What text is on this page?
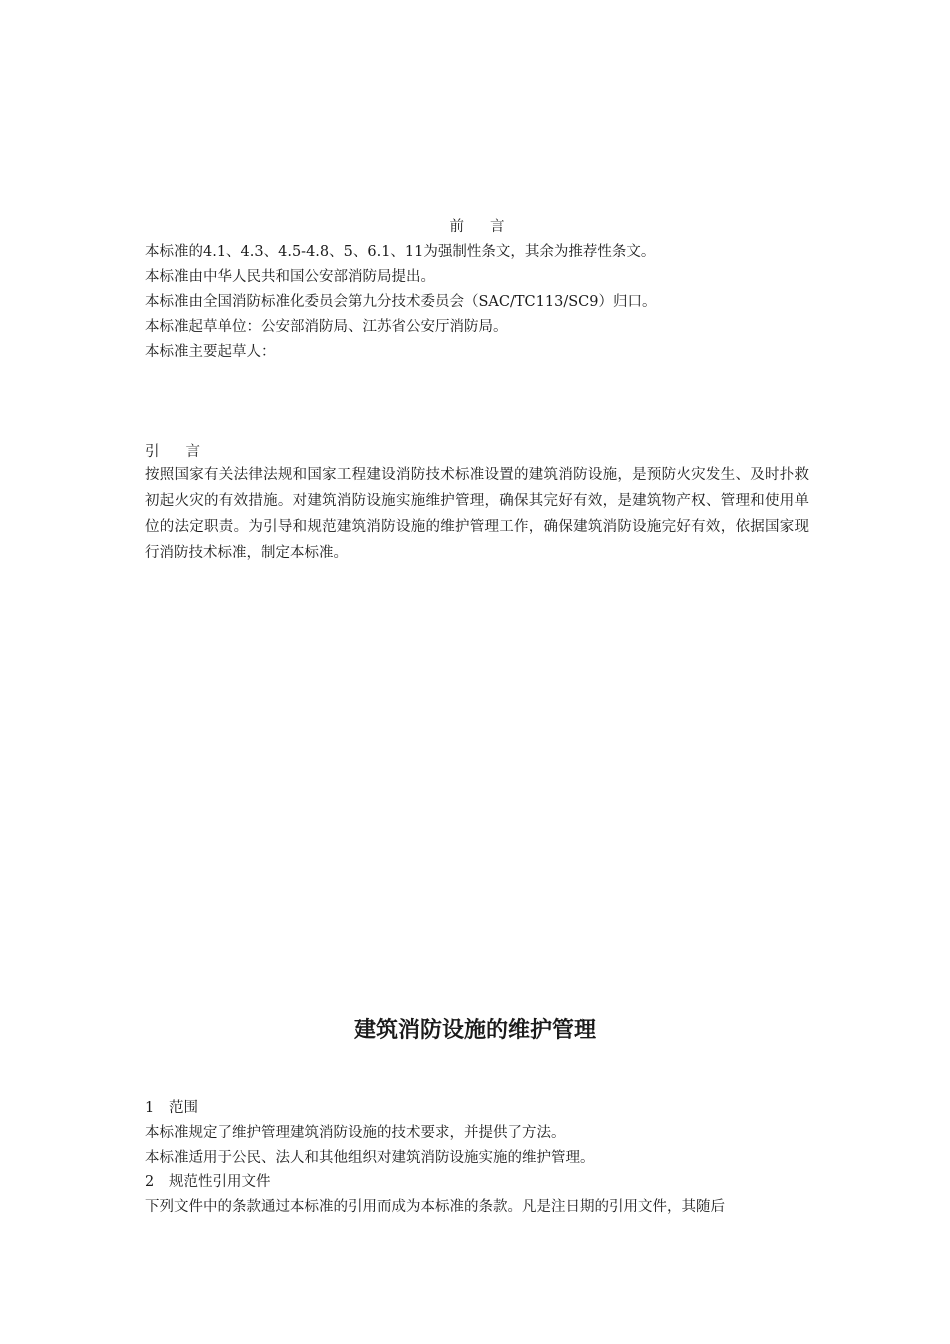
前言
本标准的4.1、4.3、4.5-4.8、5、6.1、11为强制性条文，其余为推荐性条文。
本标准由中华人民共和国公安部消防局提出。
本标准由全国消防标准化委员会第九分技术委员会（SAC/TC113/SC9）归口。
本标准起草单位：公安部消防局、江苏省公安厅消防局。
本标准主要起草人：
引言
按照国家有关法律法规和国家工程建设消防技术标准设置的建筑消防设施，是预防火灾发生、及时扑救初起火灾的有效措施。对建筑消防设施实施维护管理，确保其完好有效，是建筑物产权、管理和使用单位的法定职责。为引导和规范建筑消防设施的维护管理工作，确保建筑消防设施完好有效，依据国家现行消防技术标准，制定本标准。
建筑消防设施的维护管理
1 范围
本标准规定了维护管理建筑消防设施的技术要求，并提供了方法。
本标准适用于公民、法人和其他组织对建筑消防设施实施的维护管理。
2 规范性引用文件
下列文件中的条款通过本标准的引用而成为本标准的条款。凡是注日期的引用文件，其随后
